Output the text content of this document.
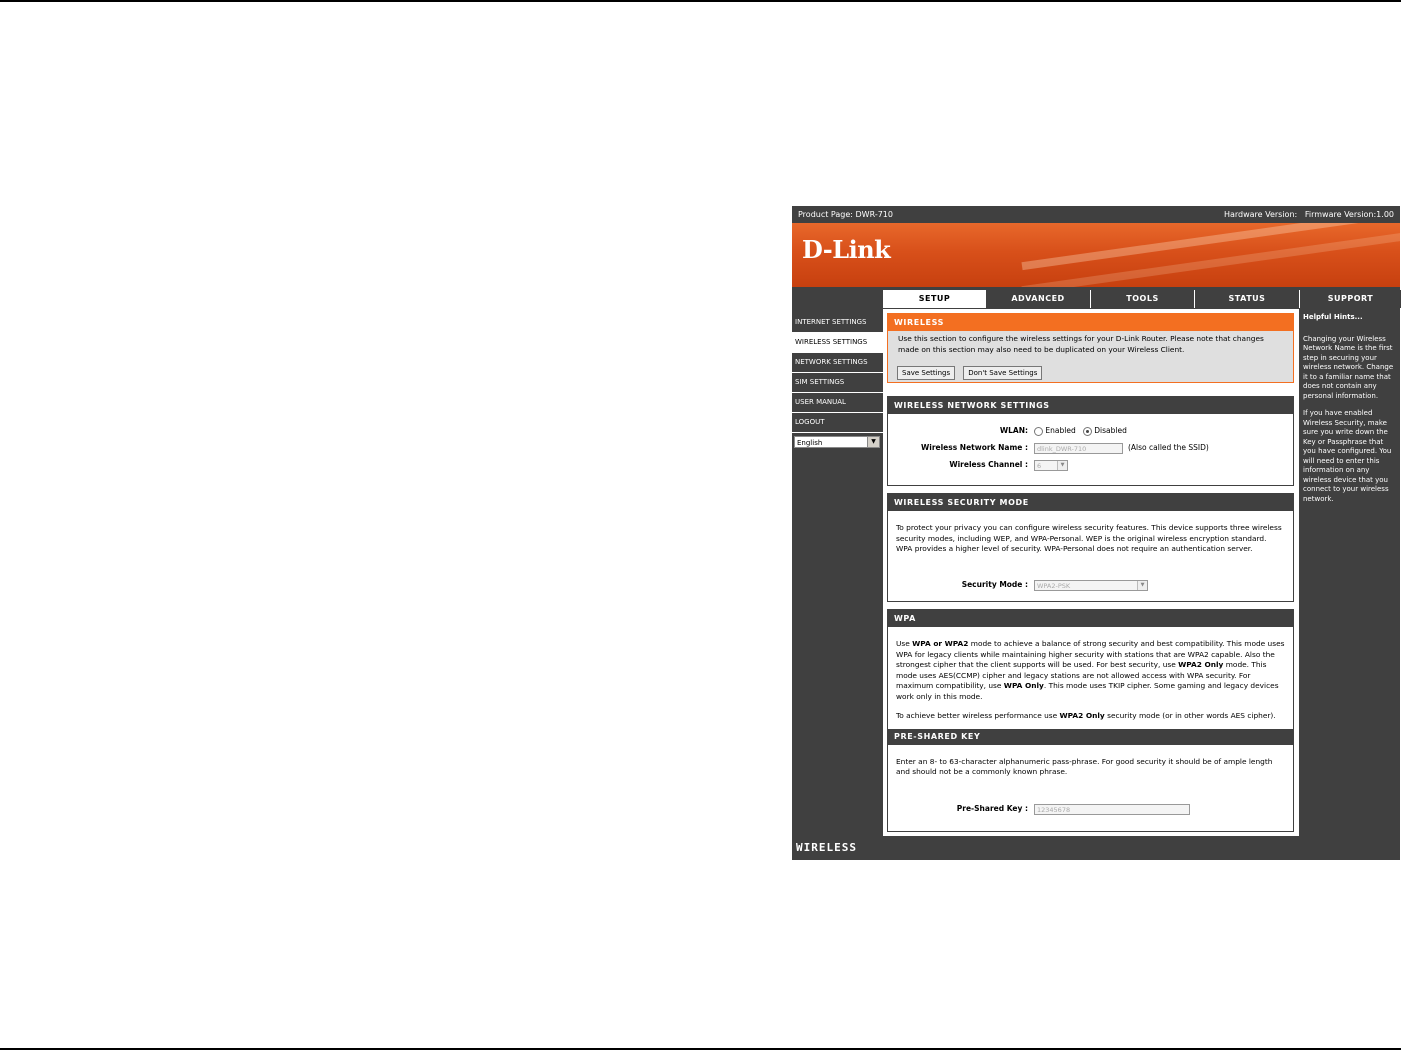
Product Page: DWR-710	Hardware Version: Firmware Version:1.00
D-Link
SETUP	ADVANCED	TOOLS	STATUS	SUPPORT
INTERNET SETTINGS
WIRELESS SETTINGS
NETWORK SETTINGS
SIM SETTINGS
USER MANUAL
LOGOUT
English	▼
WIRELESS
Use this section to configure the wireless settings for your D-Link Router. Please note that changes made on this section may also need to be duplicated on your Wireless Client.
Save Settings	Don't Save Settings
WIRELESS NETWORK SETTINGS
WLAN:	Enabled Disabled
Wireless Network Name :	dlink_DWR-710	(Also called the SSID)
Wireless Channel :	6	▼
WIRELESS SECURITY MODE
To protect your privacy you can configure wireless security features. This device supports three wireless security modes, including WEP, and WPA-Personal. WEP is the original wireless encryption standard. WPA provides a higher level of security. WPA-Personal does not require an authentication server.
Security Mode :	WPA2-PSK	▼
WPA
Use WPA or WPA2 mode to achieve a balance of strong security and best compatibility. This mode uses WPA for legacy clients while maintaining higher security with stations that are WPA2 capable. Also the strongest cipher that the client supports will be used. For best security, use WPA2 Only mode. This mode uses AES(CCMP) cipher and legacy stations are not allowed access with WPA security. For maximum compatibility, use WPA Only. This mode uses TKIP cipher. Some gaming and legacy devices work only in this mode.
To achieve better wireless performance use WPA2 Only security mode (or in other words AES cipher).
PRE-SHARED KEY
Enter an 8- to 63-character alphanumeric pass-phrase. For good security it should be of ample length and should not be a commonly known phrase.
Pre-Shared Key :	12345678
Helpful Hints...

Changing your Wireless Network Name is the first step in securing your wireless network. Change it to a familiar name that does not contain any personal information.

If you have enabled Wireless Security, make sure you write down the Key or Passphrase that you have configured. You will need to enter this information on any wireless device that you connect to your wireless network.

WIRELESS
